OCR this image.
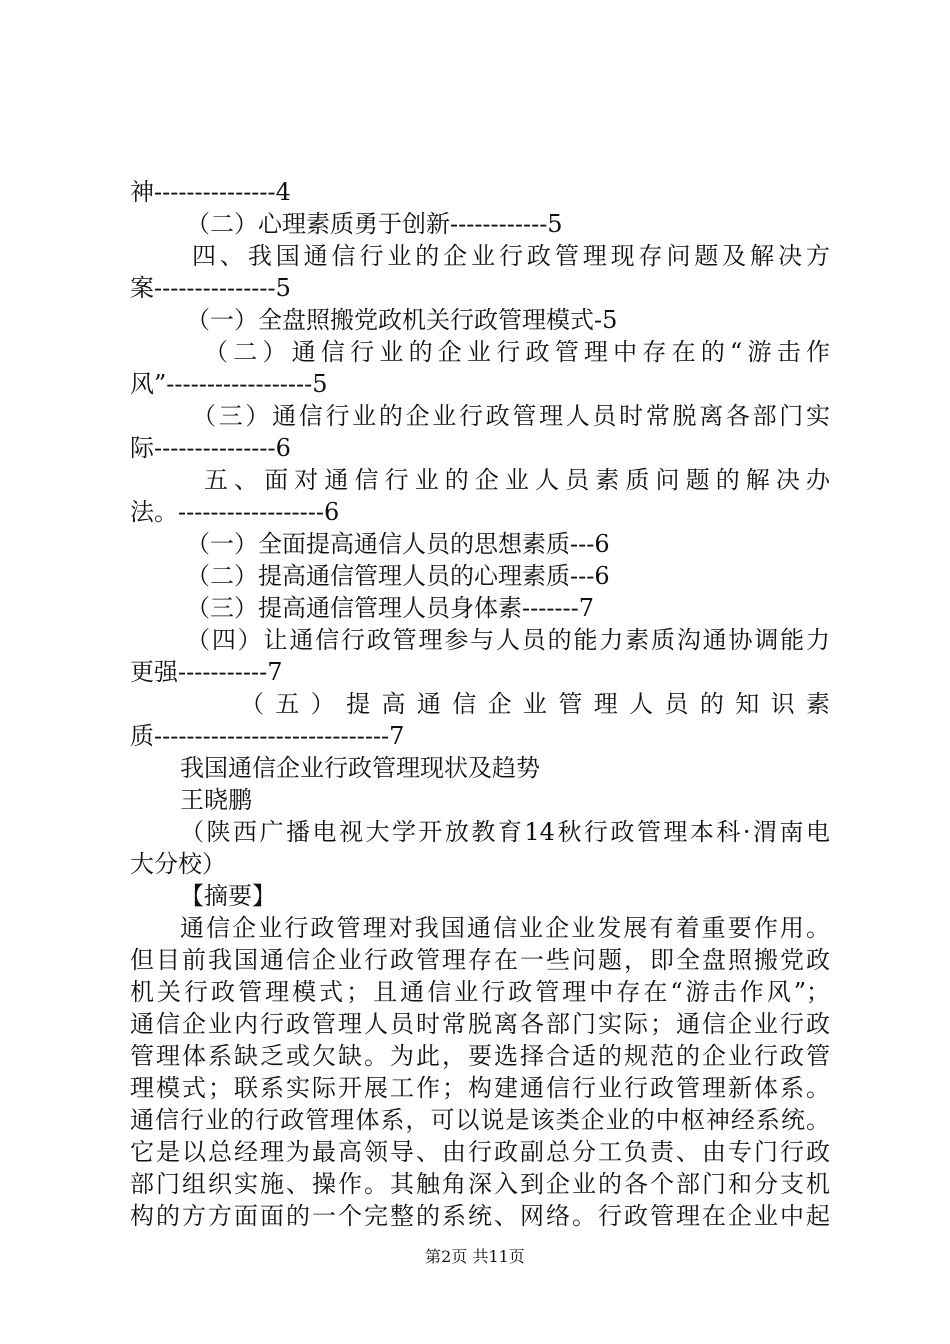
神---------------4
（二）心理素质勇于创新------------5
四、我国通信行业的企业行政管理现存问题及解决方
案---------------5
（一）全盘照搬党政机关行政管理模式-5
（二）通信行业的企业行政管理中存在的“游击作
风”------------------5
（三）通信行业的企业行政管理人员时常脱离各部门实
际---------------6
五、面对通信行业的企业人员素质问题的解决办
法。------------------6
（一）全面提高通信人员的思想素质---6
（二）提高通信管理人员的心理素质---6
（三）提高通信管理人员身体素-------7
（四）让通信行政管理参与人员的能力素质沟通协调能力
更强-----------7
（五）提高通信企业管理人员的知识素
质-----------------------------7
我国通信企业行政管理现状及趋势
王晓鹏
（陕西广播电视大学开放教育14秋行政管理本科·渭南电
大分校）
【摘要】
通信企业行政管理对我国通信业企业发展有着重要作用。
但目前我国通信企业行政管理存在一些问题，即全盘照搬党政
机关行政管理模式；且通信业行政管理中存在“游击作风”；
通信企业内行政管理人员时常脱离各部门实际；通信企业行政
管理体系缺乏或欠缺。为此，要选择合适的规范的企业行政管
理模式；联系实际开展工作；构建通信行业行政管理新体系。
通信行业的行政管理体系，可以说是该类企业的中枢神经系统。
它是以总经理为最高领导、由行政副总分工负责、由专门行政
部门组织实施、操作。其触角深入到企业的各个部门和分支机
构的方方面面的一个完整的系统、网络。行政管理在企业中起
第2页 共11页
